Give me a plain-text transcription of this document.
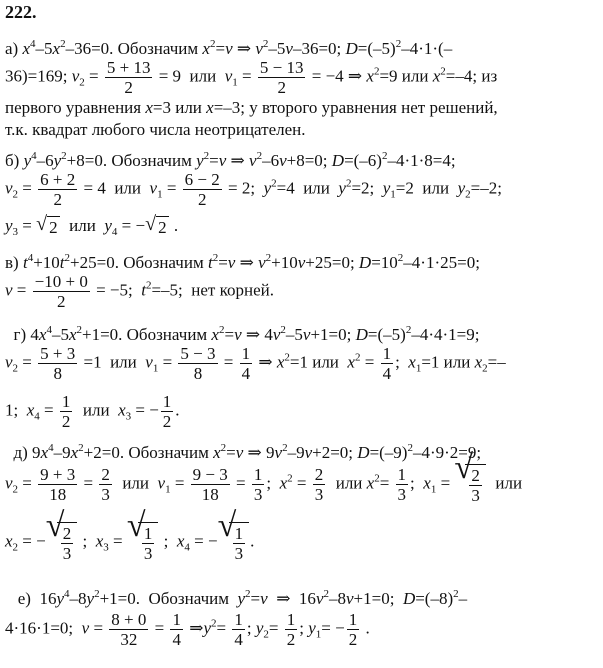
222.
а) $x^4-5x^2-36=0$. Обозначим $x^2=v$ ⇒ $v^2-5v-36=0$; $D=(-5)^2-4\cdot 1\cdot(-$
36)=169; $v_2 = \frac{5 + 13}{2} = 9$  или  $v_1 = \frac{5 - 13}{2} = -4$ ⇒ $x^2=9$ или $x^2=-4$; из
первого уравнения x=3 или x=–3; у второго уравнения нет решений,
т.к. квадрат любого числа неотрицателен.
б) $y^4-6y^2+8=0$. Обозначим $y^2=v$ ⇒ $v^2-6v+8=0$; $D=(-6)^2-4\cdot 1\cdot 8=4$;
$v_2 = \frac{6 + 2}{2} = 4$  или  $v_1 = \frac{6 - 2}{2} = 2$;  $y^2=4$  или  $y^2=2$;  $y_1=2$  или  $y_2=-2$;
$y_3$ = √ 2  или  $y_4$ = − √ 2 .
в) $t^4+10t^2+25=0$. Обозначим $t^2=v$ ⇒ $v^2+10v+25=0$; $D=10^2-4\cdot 1\cdot 25=0$;
$v = \frac{-10 + 0}{2} = -5$;  $t^2=-5$;  нет корней.
г) $4x^4-5x^2+1=0$. Обозначим $x^2=v$ ⇒ $4v^2-5v+1=0$; $D=(-5)^2-4\cdot 4\cdot 1=9$;
$v_2 = \frac{5 + 3}{8} =1$  или  $v_1 = \frac{5 - 3}{8} = \frac{1}{4}$ ⇒ $x^2=1$ или  $x^2 = \frac{1}{4}$ ;  $x_1=1$ или $x_2=-$
1;  $x_4 = \frac{1}{2}$ или  $x_3$ = − $\frac{1}{2}$ .
д) $9x^4-9x^2+2=0$. Обозначим $x^2=v$ ⇒ $9v^2-9v+2=0$; $D=(-9)^2-4\cdot 9\cdot 2=9$;
$v_2 = \frac{9 + 3}{18} = \frac{2}{3}$ или  $v_1 = \frac{9 - 3}{18} = \frac{1}{3}$ ;  $x^2 = \frac{2}{3}$ или $x^2= \frac{1}{3}$ ;  $x_1$ = √ $\frac{2}{3}$ или
$x_2$ = − √ $\frac{2}{3}$ ;  $x_3$ = √ $\frac{1}{3}$ ;  $x_4$ = − √ $\frac{1}{3}$ .
е)  $16y^4-8y^2+1=0$.  Обозначим  $y^2=v$  ⇒  $16v^2-8v+1=0$;  $D=(-8)^2-$
4·16·1=0;  $v = \frac{8 + 0}{32} = \frac{1}{4}$ $\Rightarrow y^2= \frac{1}{4}$ ; $y_2= \frac{1}{2}$ ; $y_1= - \frac{1}{2}$ .
